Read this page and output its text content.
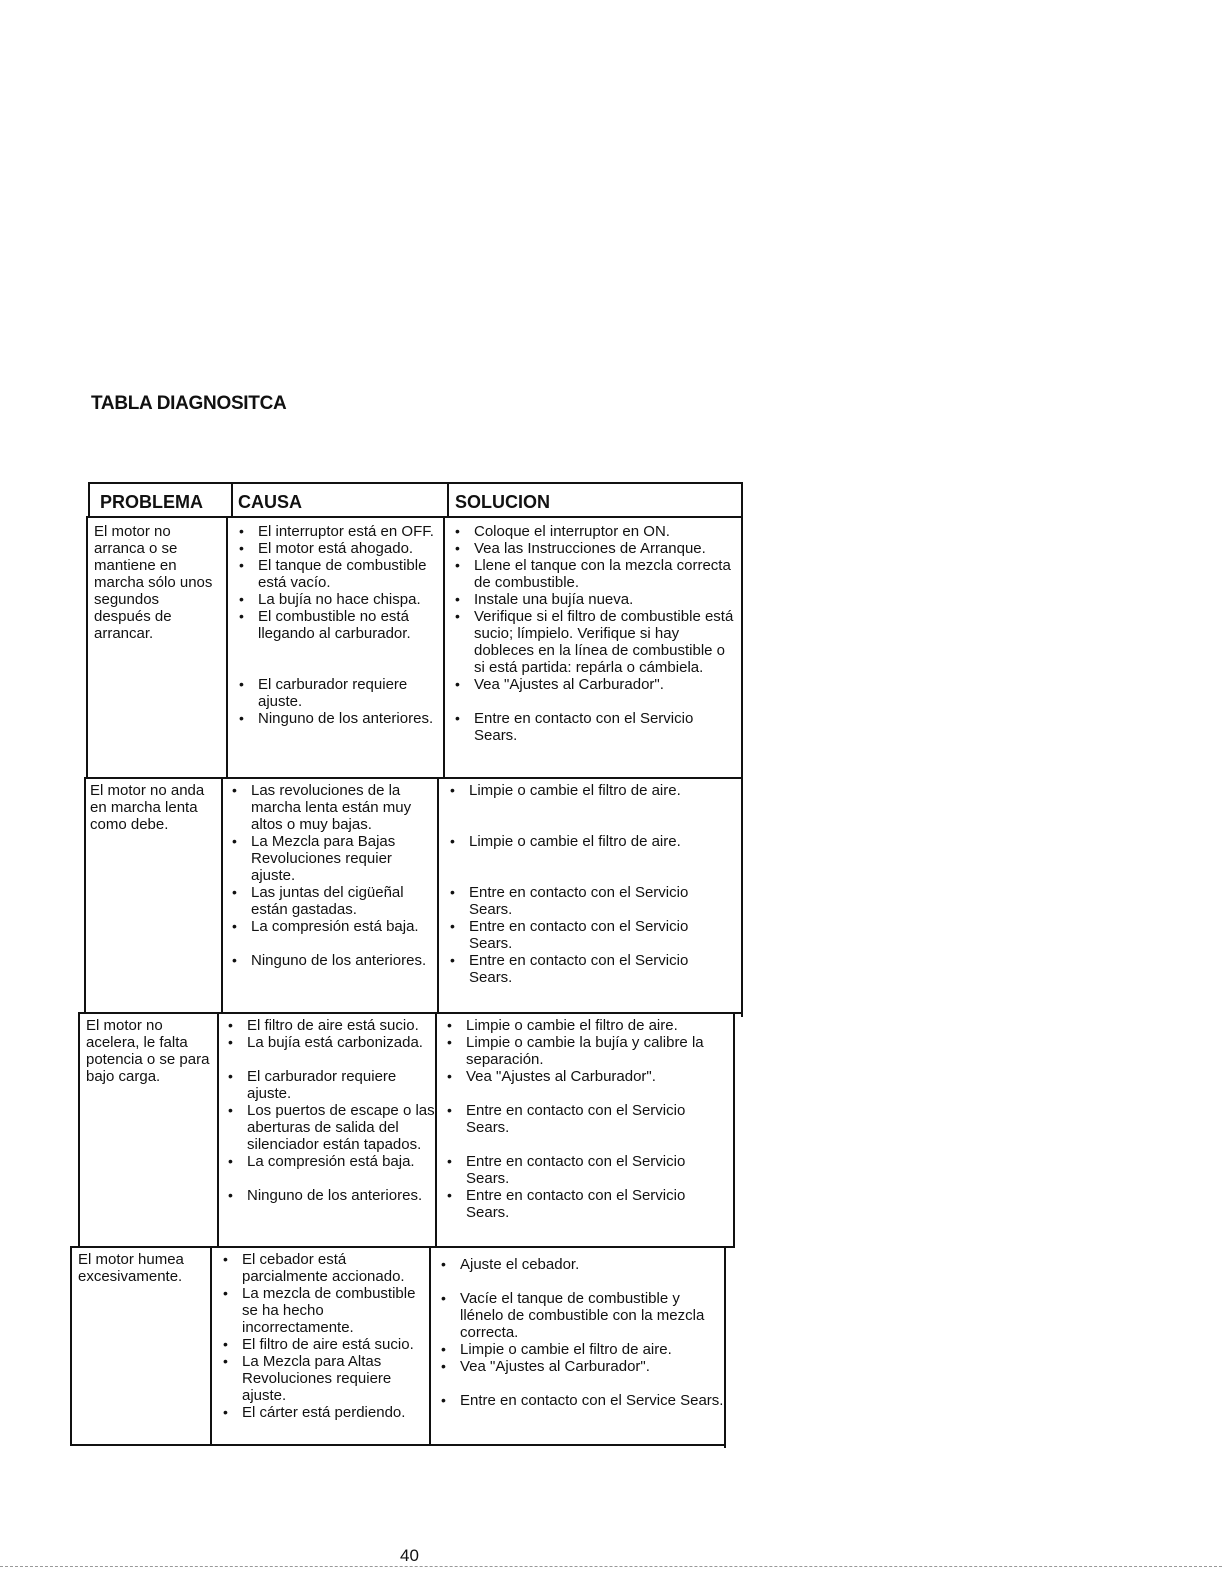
TABLA DIAGNOSITCA
PROBLEMA CAUSA	SOLUCION
El motor no arranca o se mantiene en marcha sólo unos segundos después de arrancar.
• El interruptor está en OFF.
• El motor está ahogado.
• El tanque de combustible está vacío.
• La bujía no hace chispa.
• El combustible no está llegando al carburador.
• El carburador requiere ajuste.
• Ninguno de los anteriores.
• Coloque el interruptor en ON.
• Vea las Instrucciones de Arranque.
• Llene el tanque con la mezcla correcta de combustible.
• Instale una bujía nueva.
• Verifique si el filtro de combustible está sucio; límpielo. Verifique si hay dobleces en la línea de combustible o si está partida: repárla o cámbiela.
• Vea "Ajustes al Carburador".
• Entre en contacto con el Servicio Sears.
El motor no anda en marcha lenta como debe.
• Las revoluciones de la marcha lenta están muy altos o muy bajas.
• La Mezcla para Bajas Revoluciones requier ajuste.
• Las juntas del cigüeñal están gastadas.
• La compresión está baja.
• Ninguno de los anteriores.
• Limpie o cambie el filtro de aire.
• Limpie o cambie el filtro de aire.
• Entre en contacto con el Servicio Sears.
• Entre en contacto con el Servicio Sears.
• Entre en contacto con el Servicio Sears.
El motor no acelera, le falta potencia o se para bajo carga.
• El filtro de aire está sucio.
• La bujía está carbonizada.
• El carburador requiere ajuste.
• Los puertos de escape o las aberturas de salida del silenciador están tapados.
• La compresión está baja.
• Ninguno de los anteriores.
• Limpie o cambie el filtro de aire.
• Limpie o cambie la bujía y calibre la separación.
• Vea "Ajustes al Carburador".
• Entre en contacto con el Servicio Sears.
• Entre en contacto con el Servicio Sears.
• Entre en contacto con el Servicio Sears.
El motor humea excesivamente.
• El cebador está parcialmente accionado.
• La mezcla de combustible se ha hecho incorrectamente.
• El filtro de aire está sucio.
• La Mezcla para Altas Revoluciones requiere ajuste.
• El cárter está perdiendo.
• Ajuste el cebador.
• Vacíe el tanque de combustible y llénelo de combustible con la mezcla correcta.
• Limpie o cambie el filtro de aire.
• Vea "Ajustes al Carburador".
• Entre en contacto con el Service Sears.
40
